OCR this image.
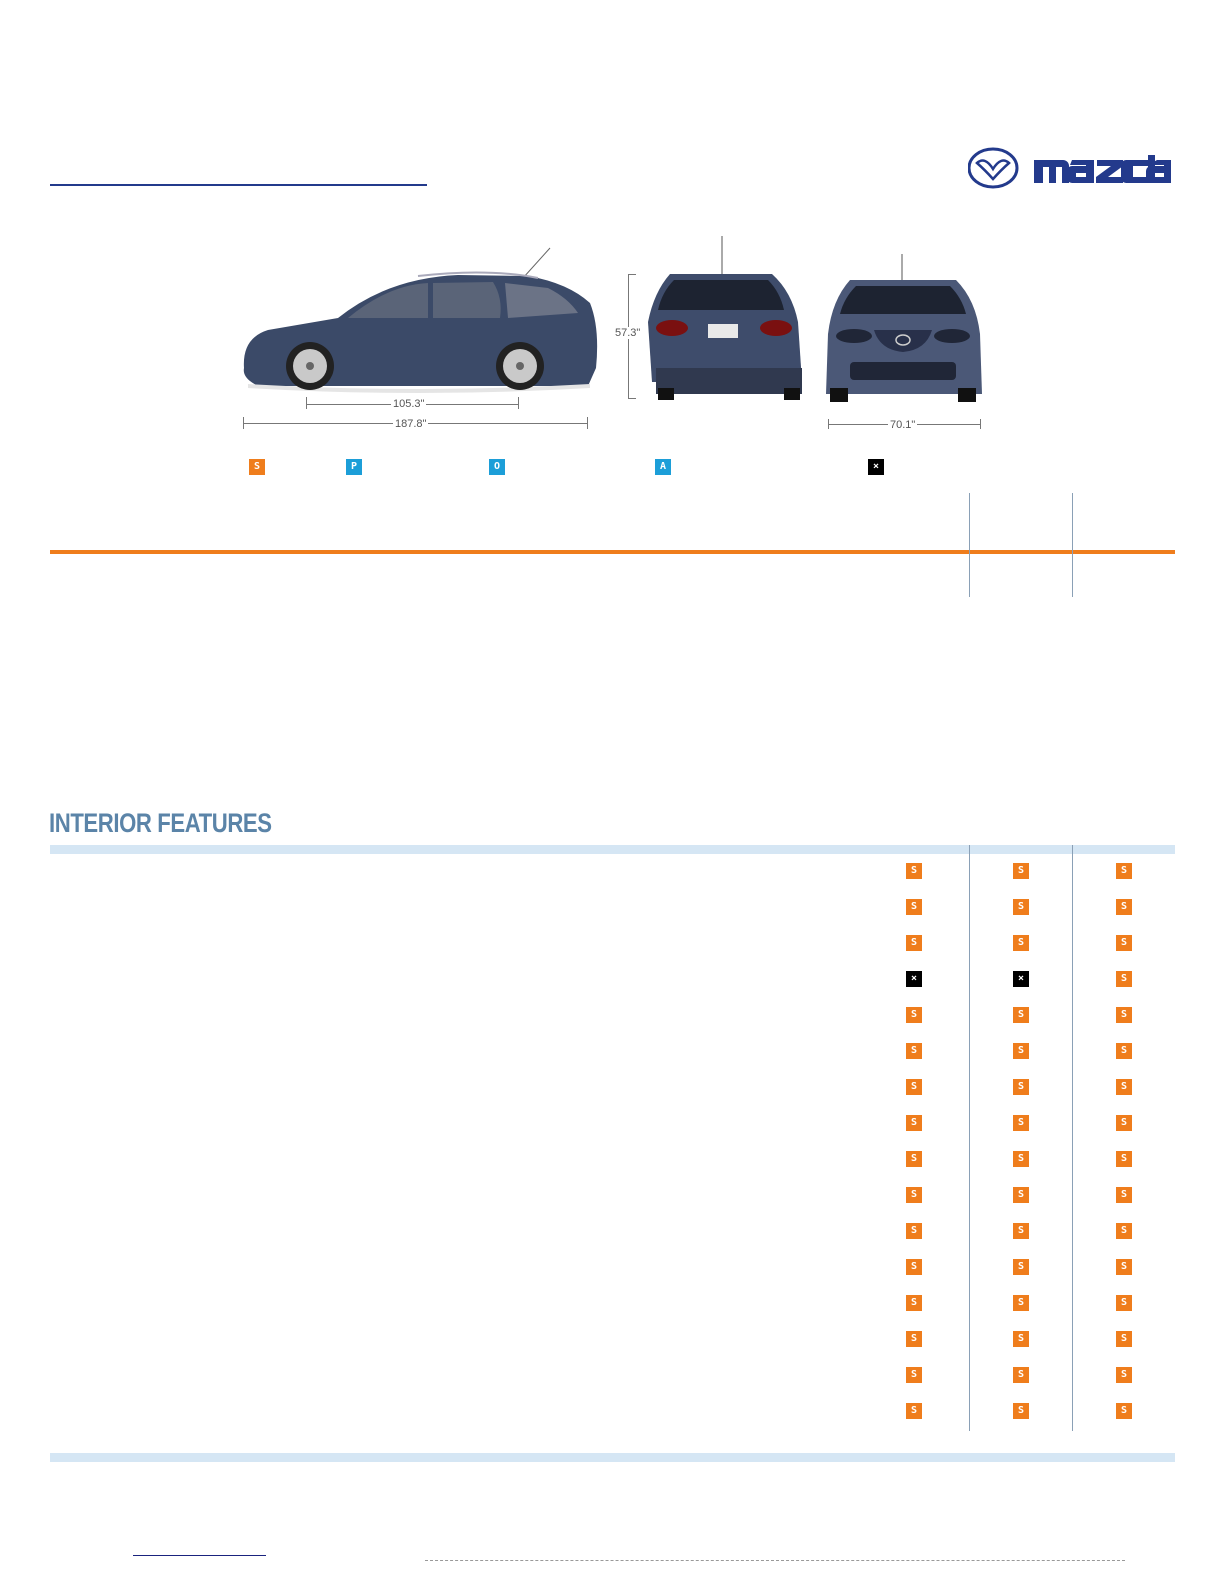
105.3"
187.8"
57.3"
70.1"
S	P	O	A	×
INTERIOR FEATURES
S	S	S
S	S	S
S	S	S
×	×	S
S	S	S
S	S	S
S	S	S
S	S	S
S	S	S
S	S	S
S	S	S
S	S	S
S	S	S
S	S	S
S	S	S
S	S	S
